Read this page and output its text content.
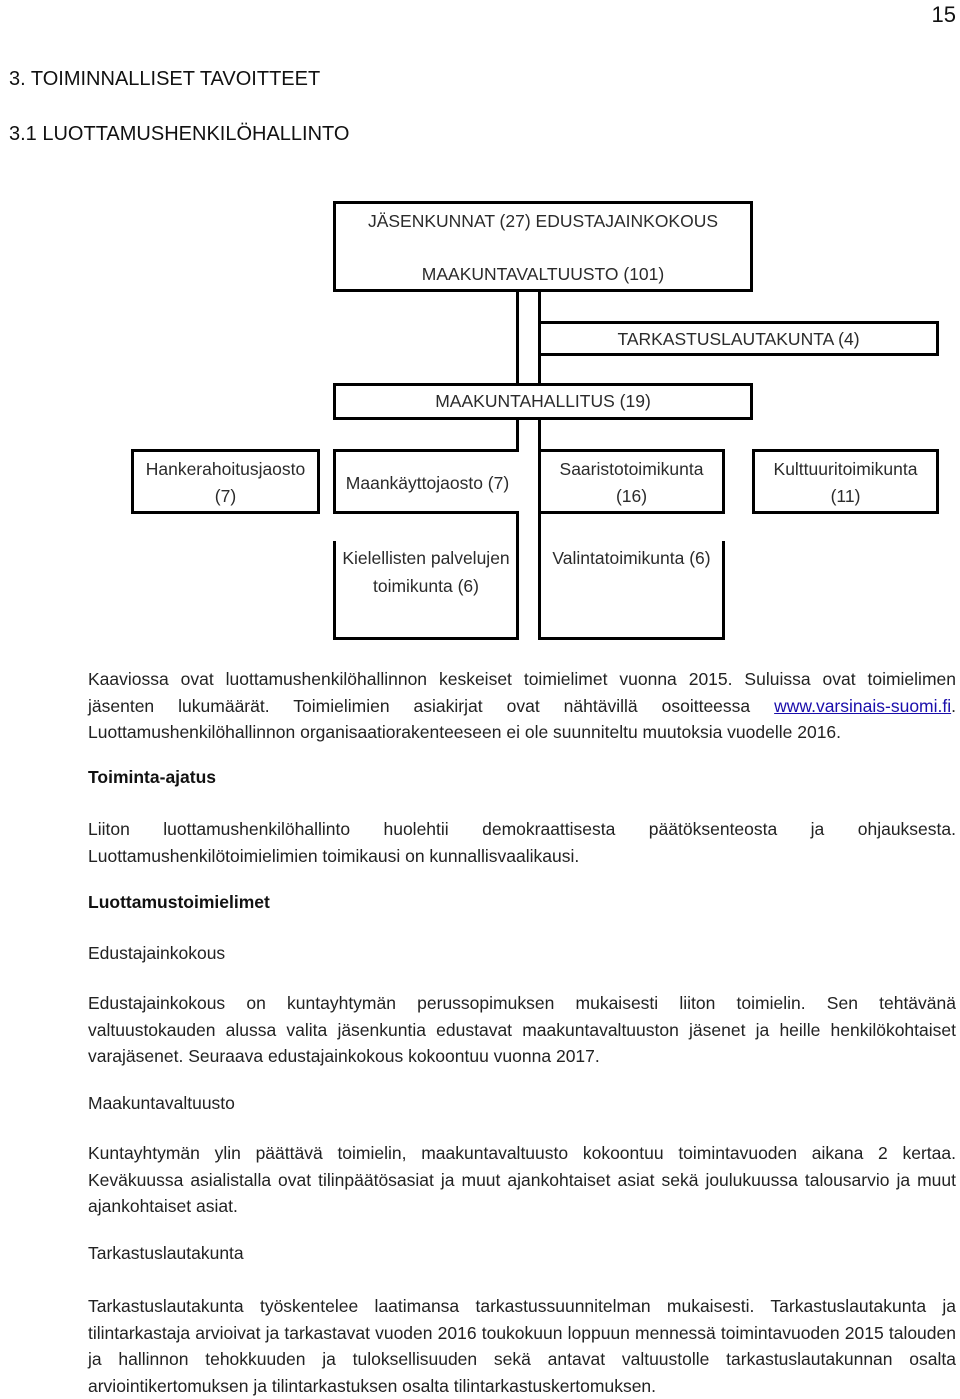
15
3. TOIMINNALLISET TAVOITTEET
3.1 LUOTTAMUSHENKILÖHALLINTO
JÄSENKUNNAT (27) EDUSTAJAINKOKOUS
MAAKUNTAVALTUUSTO (101)
TARKASTUSLAUTAKUNTA (4)
MAAKUNTAHALLITUS (19)
Hankerahoitusjaosto
(7)
Maankäyttojaosto (7)
Saaristotoimikunta
(16)
Kulttuuritoimikunta
(11)
Kielellisten palvelujen
toimikunta (6)
Valintatoimikunta (6)
Kaaviossa ovat luottamushenkilöhallinnon keskeiset toimielimet vuonna 2015. Suluissa ovat toimielimen jäsenten lukumäärät. Toimielimien asiakirjat ovat nähtävillä osoitteessa www.varsinais-suomi.fi. Luottamushenkilöhallinnon organisaatiorakenteeseen ei ole suunniteltu muutoksia vuodelle 2016.
Toiminta-ajatus
Liiton luottamushenkilöhallinto huolehtii demokraattisesta päätöksenteosta ja ohjauksesta. Luottamushenkilötoimielimien toimikausi on kunnallisvaalikausi.
Luottamustoimielimet
Edustajainkokous
Edustajainkokous on kuntayhtymän perussopimuksen mukaisesti liiton toimielin. Sen tehtävänä valtuustokauden alussa valita jäsenkuntia edustavat maakuntavaltuuston jäsenet ja heille henkilökohtaiset varajäsenet. Seuraava edustajainkokous kokoontuu vuonna 2017.
Maakuntavaltuusto
Kuntayhtymän ylin päättävä toimielin, maakuntavaltuusto kokoontuu toimintavuoden aikana 2 kertaa. Keväkuussa asialistalla ovat tilinpäätösasiat ja muut ajankohtaiset asiat sekä joulukuussa talousarvio ja muut ajankohtaiset asiat.
Tarkastuslautakunta
Tarkastuslautakunta työskentelee laatimansa tarkastussuunnitelman mukaisesti. Tarkastuslautakunta ja tilintarkastaja arvioivat ja tarkastavat vuoden 2016 toukokuun loppuun mennessä toimintavuoden 2015 talouden ja hallinnon tehokkuuden ja tuloksellisuuden sekä antavat valtuustolle tarkastuslautakunnan osalta arviointikertomuksen ja tilintarkastuksen osalta tilintarkastuskertomuksen.
